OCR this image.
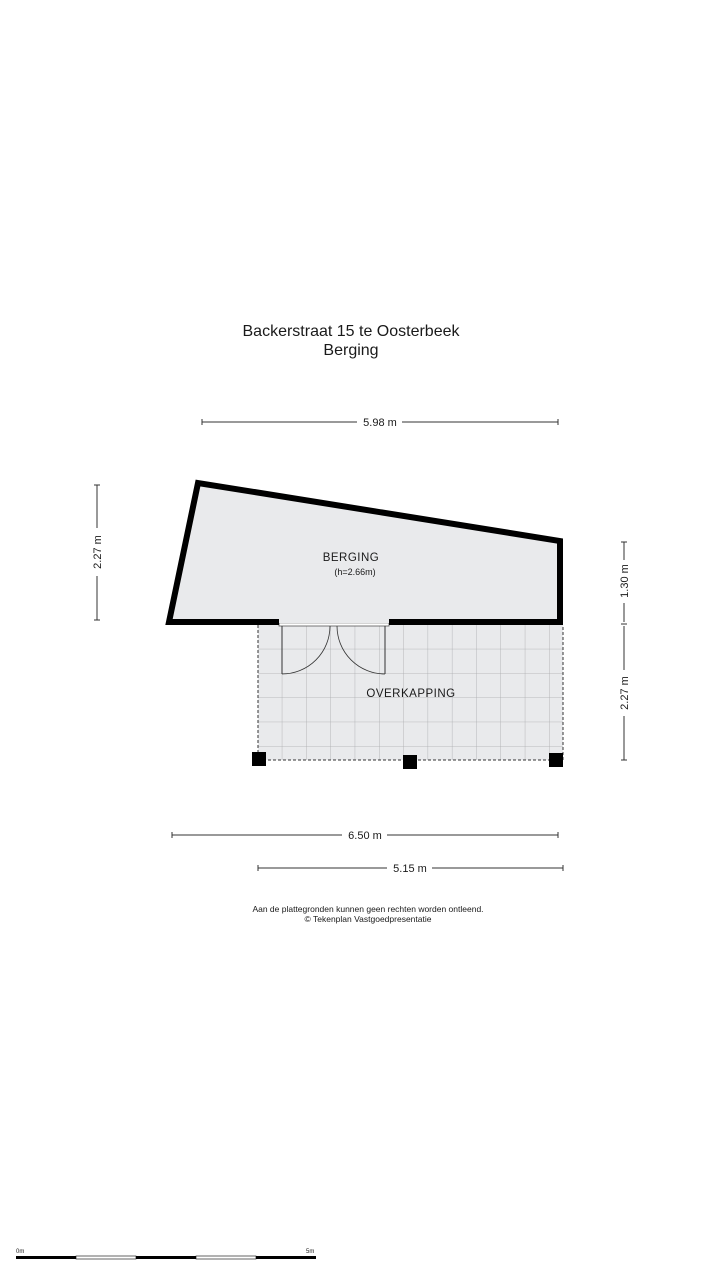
Backerstraat 15 te Oosterbeek
Berging
5.98 m
2.27 m
1.30 m
2.27 m
BERGING
(h=2.66m)
OVERKAPPING
6.50 m
5.15 m
0m	5m
Aan de plattegronden kunnen geen rechten worden ontleend.
© Tekenplan Vastgoedpresentatie
